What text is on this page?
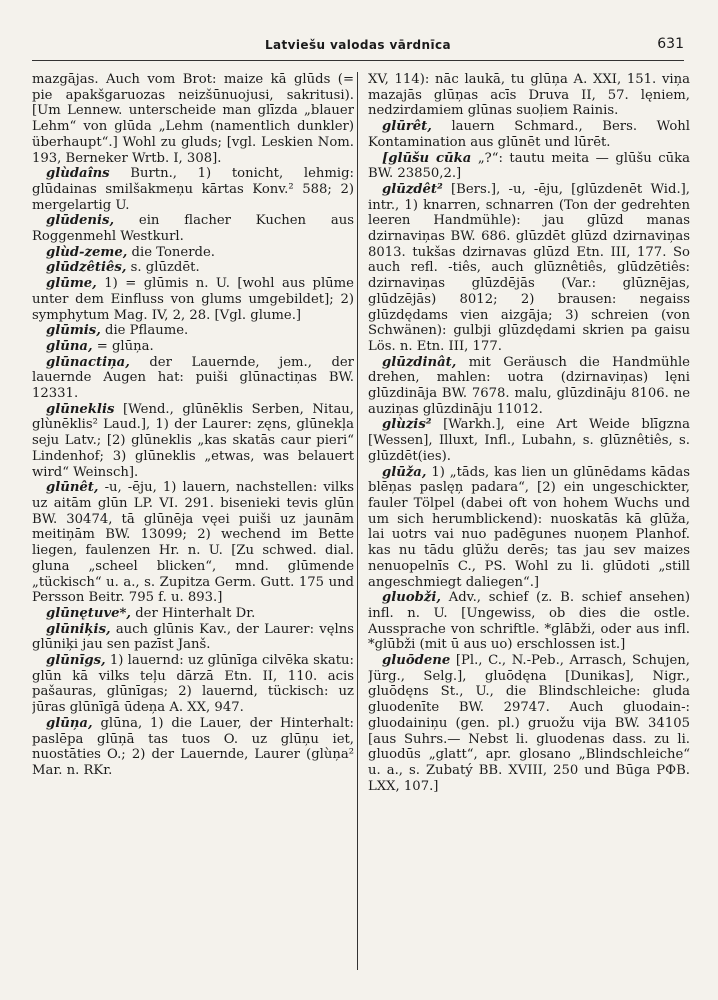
Latviešu valodas vārdnīca	631

mazgājas. Auch vom Brot: maize kā glūds (= pie apakšgaruozas neizšūnuojusi, sakritusi). [Um Lennew. unterscheide man glīzda „blauer Lehm“ von glūda „Lehm (namentlich dunkler) überhaupt“.] Wohl zu gluds; [vgl. Leskien Nom. 193, Berneker Wrtb. I, 308].

glùdaîns Burtn., 1) tonicht, lehmig: glūdainas smilšakmeņu kārtas Konv.² 588; 2) mergelartig U.

glūdenis, ein flacher Kuchen aus Roggenmehl Westkurl.

glùd-zeme, die Tonerde.

glūdzêtiês, s. glūzdēt.

glūme, 1) = glūmis n. U. [wohl aus plūme unter dem Einfluss von glums umgebildet]; 2) symphytum Mag. IV, 2, 28. [Vgl. glume.]

glūmis, die Pflaume.

glūna, = glūņa.

glūnactiņa, der Lauernde, jem., der lauernde Augen hat: puiši glūnactiņas BW. 12331.

glūneklis [Wend., glūnēklis Serben, Nitau, glùnēklis² Laud.], 1) der Laurer: zęns, glūnekļa seju Latv.; [2) glūneklis „kas skatās caur pieri“ Lindenhof; 3) glūneklis „etwas, was belauert wird“ Weinsch].

glūnêt, -u, -ēju, 1) lauern, nachstellen: vilks uz aitām glūn LP. VI. 291. bisenieki tevis glūn BW. 30474, tā glūnēja vęei puiši uz jaunām meitiņām BW. 13099; 2) wechend im Bette liegen, faulenzen Hr. n. U. [Zu schwed. dial. gluna „scheel blicken“, mnd. glūmende „tückisch“ u. a., s. Zupitza Germ. Gutt. 175 und Persson Beitr. 795 f. u. 893.]

glūnętuve*, der Hinterhalt Dr.

glūniķis, auch glūnis Kav., der Laurer: vęlns glūniķi jau sen pazīst Janš.

glūnīgs, 1) lauernd: uz glūnīga cilvēka skatu: glūn kā vilks teļu dārzā Etn. II, 110. acis pašauras, glūnīgas; 2) lauernd, tückisch: uz jūras glūnīgā ūdeņa A. XX, 947.

glūņa, glūna, 1) die Lauer, der Hinterhalt: paslēpa glūņā tas tuos O. uz glūņu iet, nuostāties O.; 2) der Lauernde, Laurer (glùņa² Mar. n. RKr.

XV, 114): nāc laukā, tu glūņa A. XXI, 151. viņa mazajās glūņas acīs Druva II, 57. lęniem, nedzirdamiem glūnas suoļiem Rainis.

glūrêt, lauern Schmard., Bers. Wohl Kontamination aus glūnēt und lūrēt.

[glūšu cūka „?“: tautu meita — glūšu cūka BW. 23850,2.]

glūzdêt² [Bers.], -u, -ēju, [glūzdenēt Wid.], intr., 1) knarren, schnarren (Ton der gedrehten leeren Handmühle): jau glūzd manas dzirnaviņas BW. 686. glūzdēt glūzd dzirnaviņas 8013. tukšas dzirnavas glūzd Etn. III, 177. So auch refl. -tiês, auch glūznêtiês, glūdzētiês: dzirnaviņas glūzdējās (Var.: glūznējas, glūdzējās) 8012; 2) brausen: negaiss glūzdędams vien aizgāja; 3) schreien (von Schwänen): gulbji glūzdędami skrien pa gaisu Lös. n. Etn. III, 177.

glūzdinât, mit Geräusch die Handmühle drehen, mahlen: uotra (dzirnaviņas) lęni glūzdināja BW. 7678. malu, glūzdināju 8106. ne auziņas glūzdināju 11012.

glùzis² [Warkh.], eine Art Weide blīgzna [Wessen], Illuxt, Infl., Lubahn, s. glūznêtiês, s. glūzdēt(ies).

glūža, 1) „tāds, kas lien un glūnēdams kādas blēņas paslęņ padara“, [2) ein ungeschickter, fauler Tölpel (dabei oft von hohem Wuchs und um sich herumblickend): nuoskatās kā glūža, lai uotrs vai nuo padēgunes nuoņem Planhof. kas nu tādu glūžu derēs; tas jau sev maizes nenuopelnīs C., PS. Wohl zu li. glūdoti „still angeschmiegt daliegen“.]

gluobži, Adv., schief (z. B. schief ansehen) infl. n. U. [Ungewiss, ob dies die ostle. Aussprache von schriftle. *glābži, oder aus infl. *glūbži (mit ū aus uo) erschlossen ist.]

gluōdene [Pl., C., N.-Peb., Arrasch, Schujen, Jürg., Selg.], gluōdęna [Dunikas], Nigr., gluōdęns St., U., die Blindschleiche: gluda gluodenīte BW. 29747. Auch gluodain-: gluodainiņu (gen. pl.) gruožu vija BW. 34105 [aus Suhrs.— Nebst li. gluodenas dass. zu li. gluodūs „glatt“, apr. glosano „Blindschleiche“ u. a., s. Zubatý BB. XVIII, 250 und Būga PФB. LXX, 107.]
